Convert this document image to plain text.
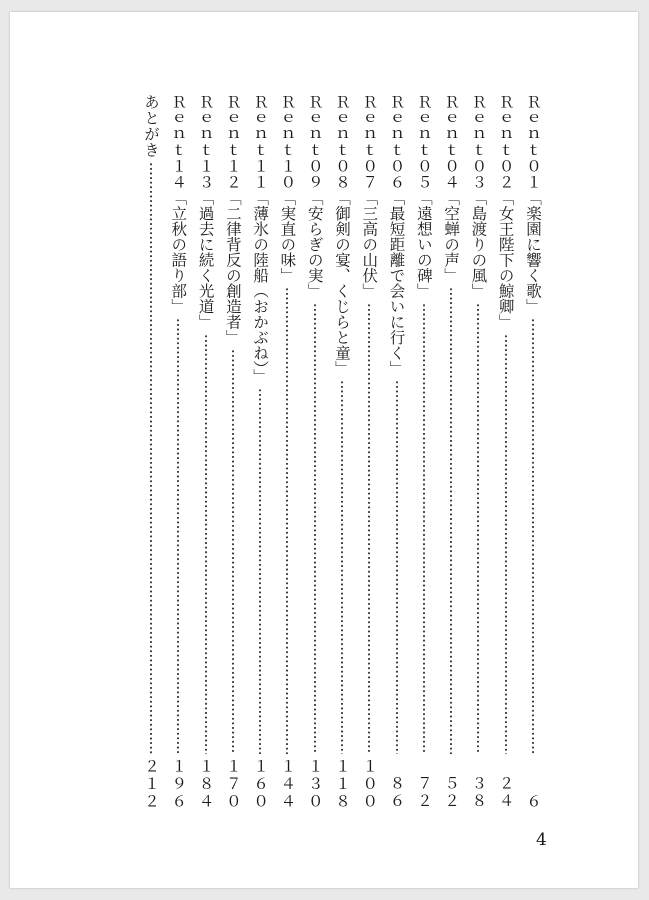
Ｒｅｎｔ０１
「楽園に響く歌」
６
Ｒｅｎｔ０２
「女王陛下の鯨卿」
２４
Ｒｅｎｔ０３
「島渡りの風」
３８
Ｒｅｎｔ０４
「空蝉の声」
５２
Ｒｅｎｔ０５
「遠想いの碑」
７２
Ｒｅｎｔ０６
「最短距離で会いに行く」
８６
Ｒｅｎｔ０７
「三高の山伏」
１００
Ｒｅｎｔ０８
「御剣の宴、くじらと童」
１１８
Ｒｅｎｔ０９
「安らぎの実」
１３０
Ｒｅｎｔ１０
「実直の味」
１４４
Ｒｅｎｔ１１
「薄氷の陸船（おかぶね）」
１６０
Ｒｅｎｔ１２
「二律背反の創造者」
１７０
Ｒｅｎｔ１３
「過去に続く光道」
１８４
Ｒｅｎｔ１４
「立秋の語り部」
１９６
あとがき
２１２
4
